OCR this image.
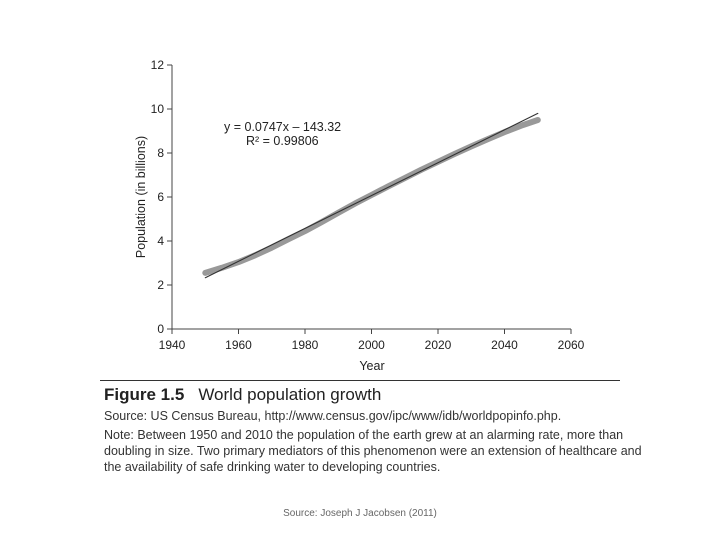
0
2
4
6
8
10
12
1940	1960	1980	2000	2020	2040	2060
Population (in billions)
Year
y = 0.0747x – 143.32
R² = 0.99806
Figure 1.5 World population growth
Source: US Census Bureau, http://www.census.gov/ipc/www/idb/worldpopinfo.php.
Note: Between 1950 and 2010 the population of the earth grew at an alarming rate, more than doubling in size. Two primary mediators of this phenomenon were an extension of healthcare and the availability of safe drinking water to developing countries.
Source: Joseph J Jacobsen (2011)
